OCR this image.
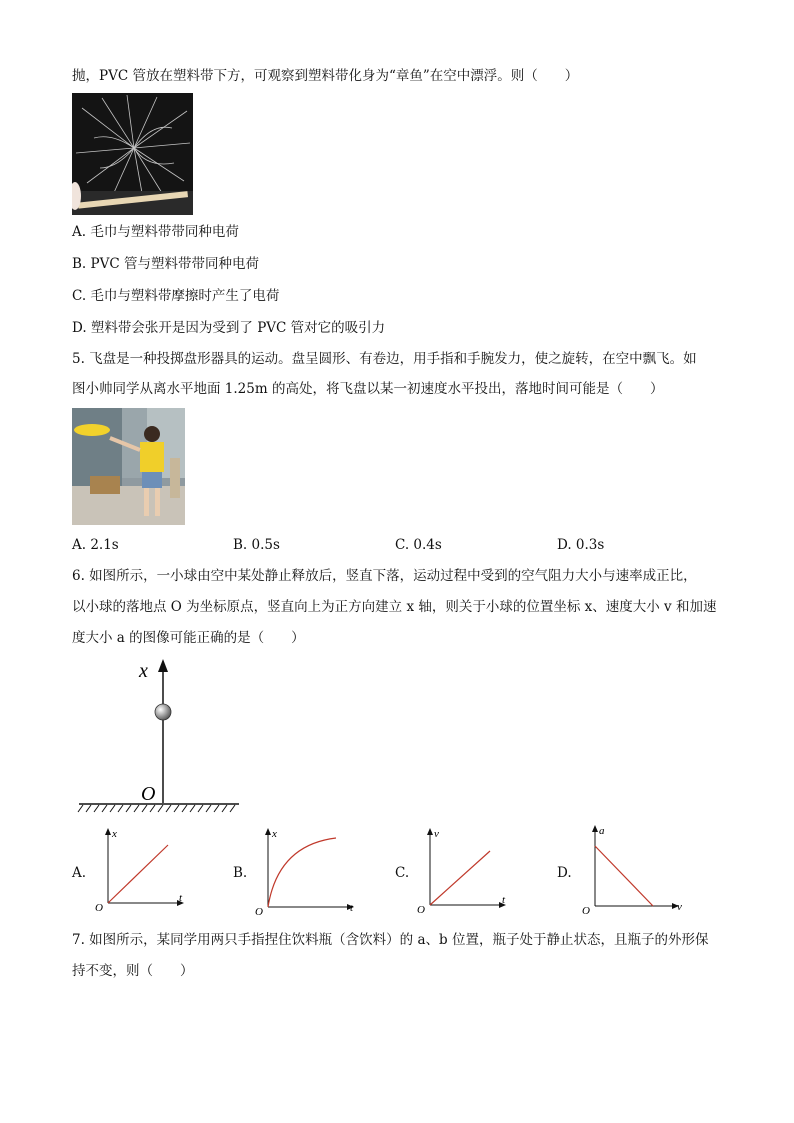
抛，PVC 管放在塑料带下方，可观察到塑料带化身为“章鱼”在空中漂浮。则（　　）
A. 毛巾与塑料带带同种电荷
B. PVC 管与塑料带带同种电荷
C. 毛巾与塑料带摩擦时产生了电荷
D. 塑料带会张开是因为受到了 PVC 管对它的吸引力
5. 飞盘是一种投掷盘形器具的运动。盘呈圆形、有卷边，用手指和手腕发力，使之旋转，在空中飘飞。如
图小帅同学从离水平地面 1.25m 的高处，将飞盘以某一初速度水平投出，落地时间可能是（　　）
A. 2.1s	B. 0.5s	C. 0.4s	D. 0.3s
6. 如图所示，一小球由空中某处静止释放后，竖直下落，运动过程中受到的空气阻力大小与速率成正比，
以小球的落地点 O 为坐标原点，竖直向上为正方向建立 x 轴，则关于小球的位置坐标 x、速度大小 v 和加速
度大小 a 的图像可能正确的是（　　）
x
O
A.	B.	C.	D.
x
t
O
x
t
O
v
t
O
a
v
O
7. 如图所示，某同学用两只手指捏住饮料瓶（含饮料）的 a、b 位置，瓶子处于静止状态，且瓶子的外形保
持不变，则（　　）
